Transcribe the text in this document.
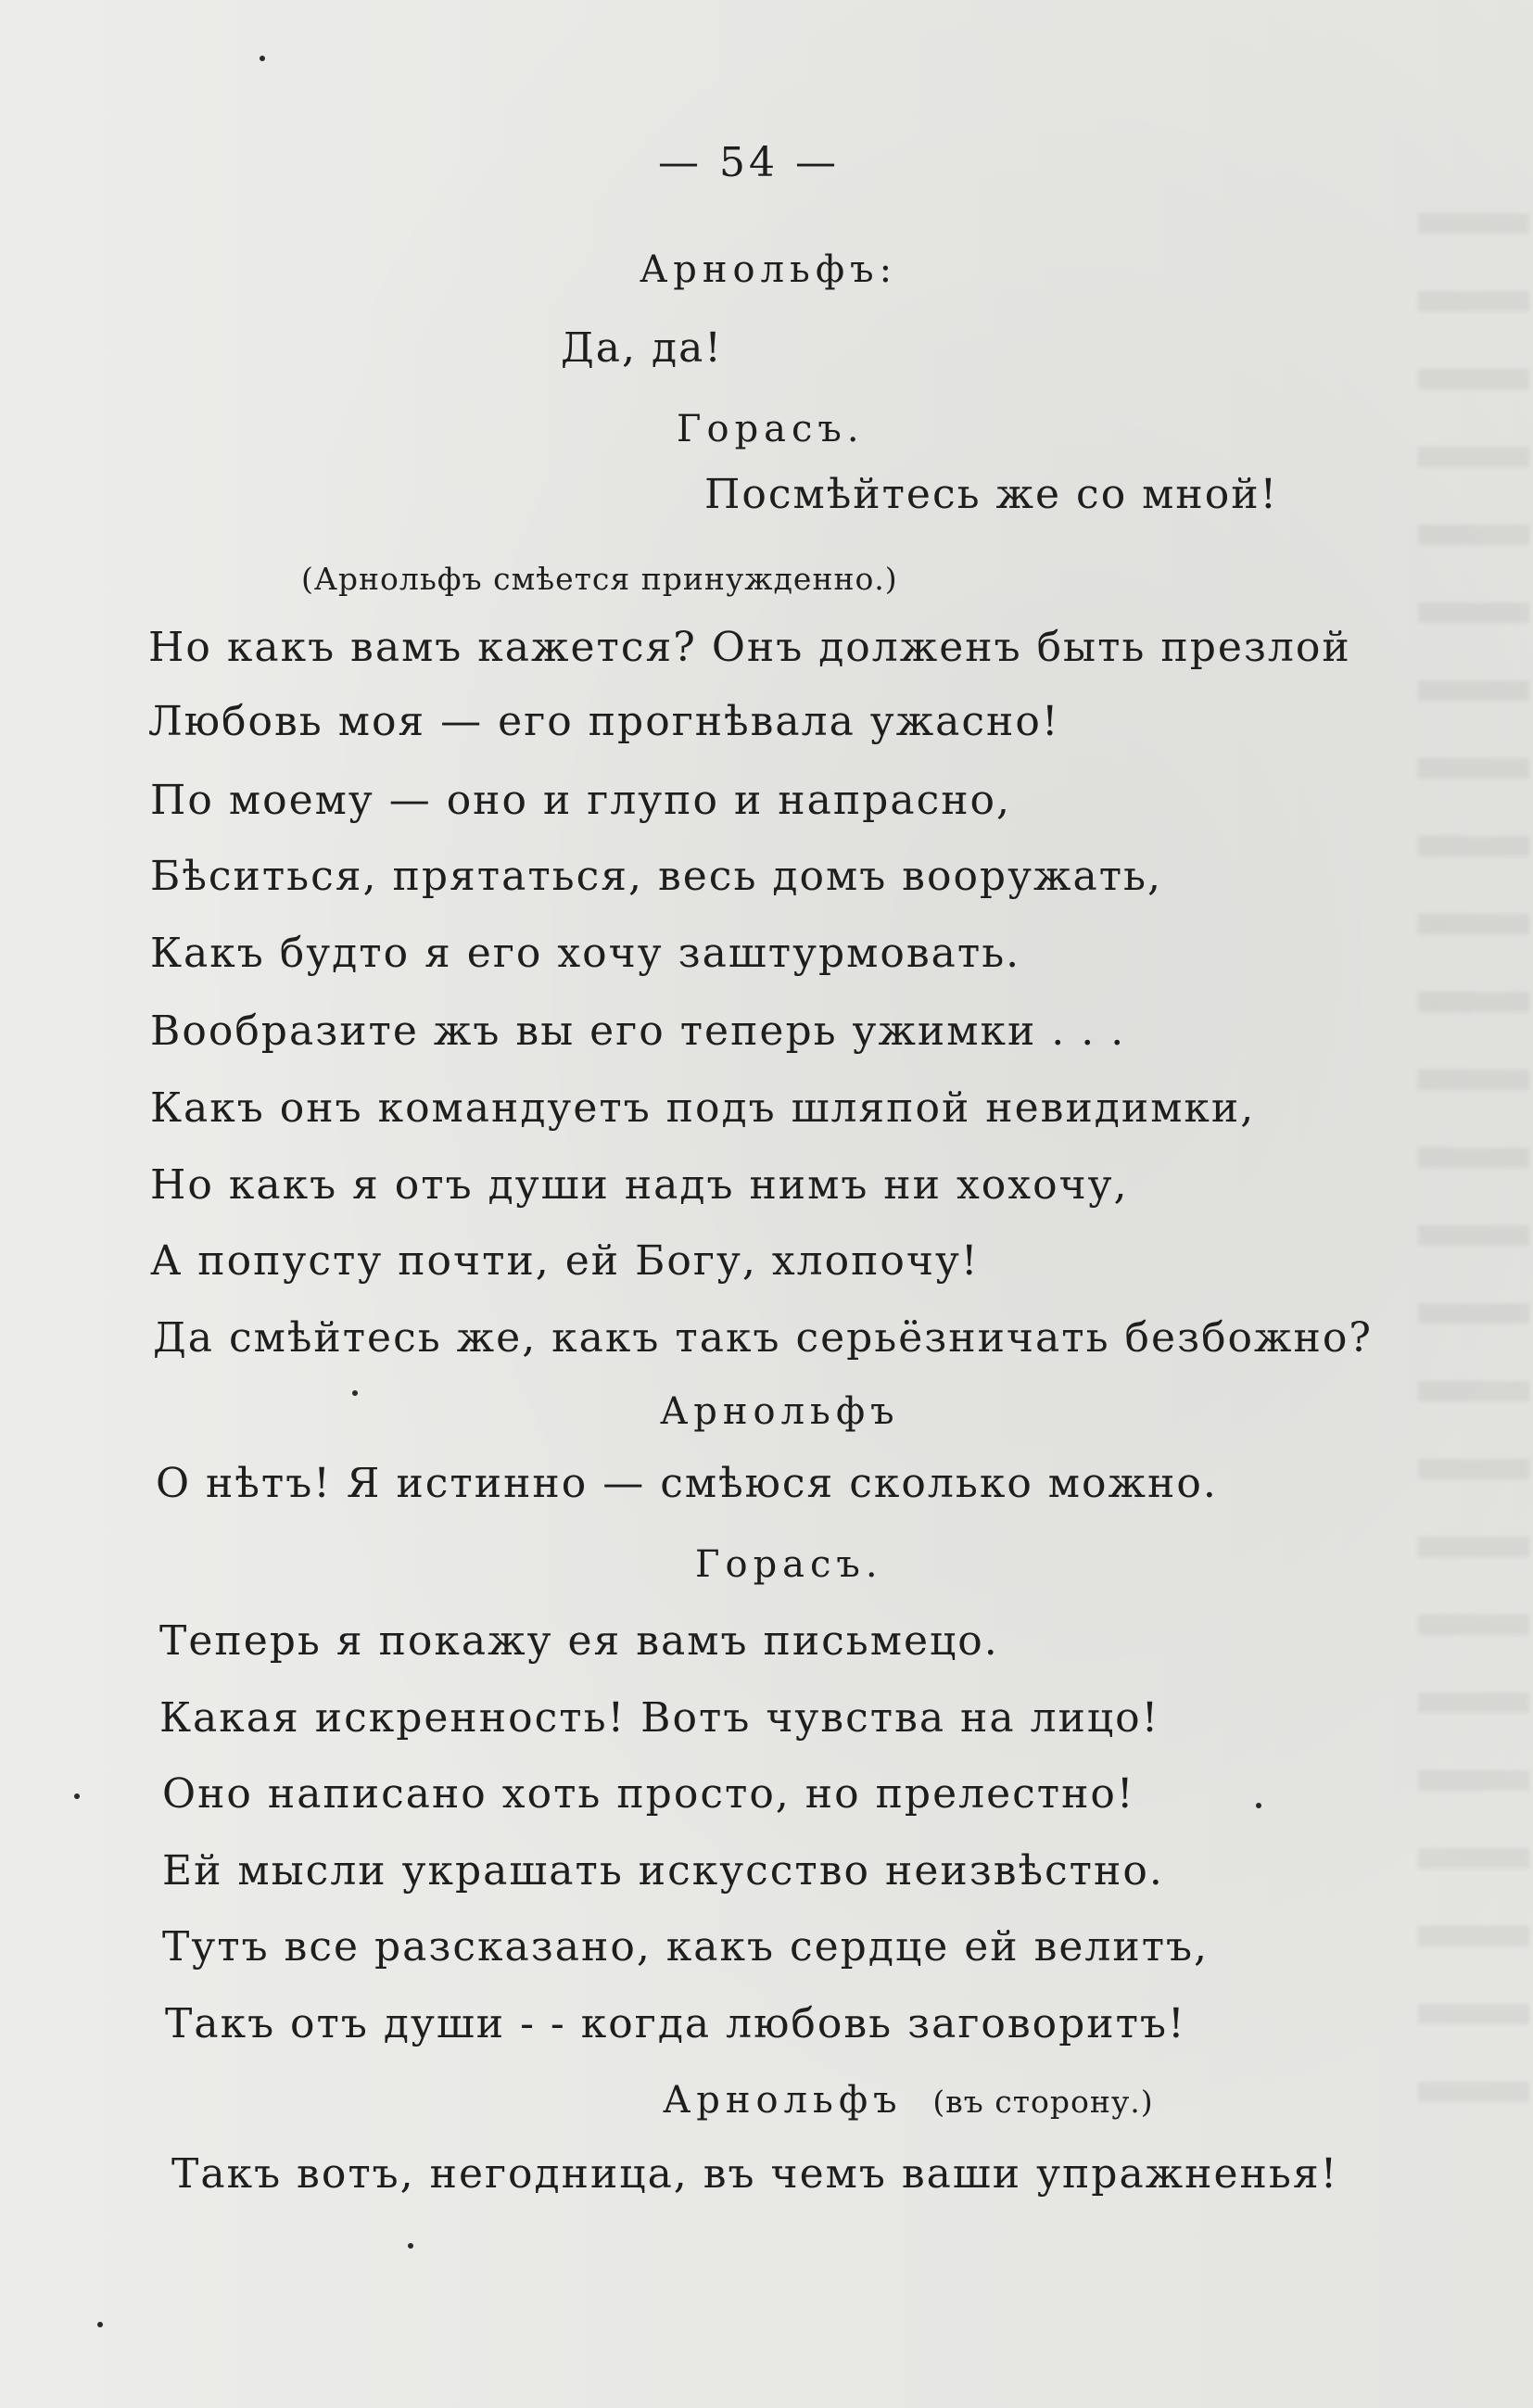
— 54 —
Арнольфъ:
Да, да!
Горасъ.
Посмѣйтесь же со мной!
(Арнольфъ смѣется принужденно.)
Но какъ вамъ кажется? Онъ долженъ быть презлой
Любовь моя — его прогнѣвала ужасно!
По моему — оно и глупо и напрасно,
Бѣситься, прятаться, весь домъ вооружать,
Какъ будто я его хочу заштурмовать.
Вообразите жъ вы его теперь ужимки . . .
Какъ онъ командуетъ подъ шляпой невидимки,
Но какъ я отъ души надъ нимъ ни хохочу,
А попусту почти, ей Богу, хлопочу!
Да смѣйтесь же, какъ такъ серьёзничать безбожно?
Арнольфъ
О нѣтъ! Я истинно — смѣюся сколько можно.
Горасъ.
Теперь я покажу ея вамъ письмецо.
Какая искренность! Вотъ чувства на лицо!
Оно написано хоть просто, но прелестно!
Ей мысли украшать искусство неизвѣстно.
Тутъ все разсказано, какъ сердце ей велитъ,
Такъ отъ души - - когда любовь заговоритъ!
Арнольфъ (въ сторону.)
Такъ вотъ, негодница, въ чемъ ваши упражненья!
